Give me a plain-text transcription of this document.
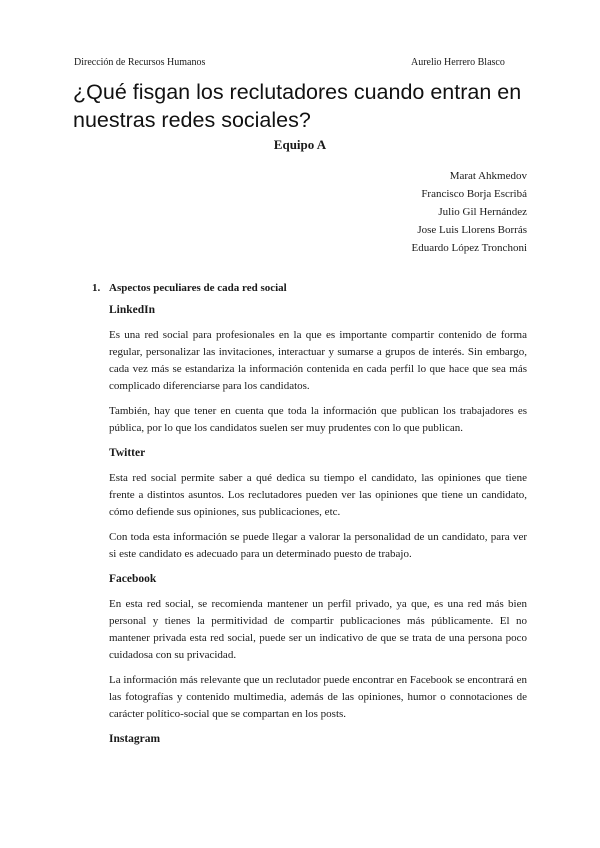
Dirección de Recursos Humanos	Aurelio Herrero Blasco
¿Qué fisgan los reclutadores cuando entran en nuestras redes sociales?
Equipo A
Marat Ahkmedov
Francisco Borja Escribá
Julio Gil Hernández
Jose Luis Llorens Borrás
Eduardo López Tronchoni
1. Aspectos peculiares de cada red social
LinkedIn

Es una red social para profesionales en la que es importante compartir contenido de forma regular, personalizar las invitaciones, interactuar y sumarse a grupos de interés. Sin embargo, cada vez más se estandariza la información contenida en cada perfil lo que hace que sea más complicado diferenciarse para los candidatos.

También, hay que tener en cuenta que toda la información que publican los trabajadores es pública, por lo que los candidatos suelen ser muy prudentes con lo que publican.

Twitter

Esta red social permite saber a qué dedica su tiempo el candidato, las opiniones que tiene frente a distintos asuntos. Los reclutadores pueden ver las opiniones que tiene un candidato, cómo defiende sus opiniones, sus publicaciones, etc.

Con toda esta información se puede llegar a valorar la personalidad de un candidato, para ver si este candidato es adecuado para un determinado puesto de trabajo.

Facebook

En esta red social, se recomienda mantener un perfil privado, ya que, es una red más bien personal y tienes la permitividad de compartir publicaciones más públicamente. El no mantener privada esta red social, puede ser un indicativo de que se trata de una persona poco cuidadosa con su privacidad.

La información más relevante que un reclutador puede encontrar en Facebook se encontrará en las fotografías y contenido multimedia, además de las opiniones, humor o connotaciones de carácter político-social que se compartan en los posts.

Instagram
